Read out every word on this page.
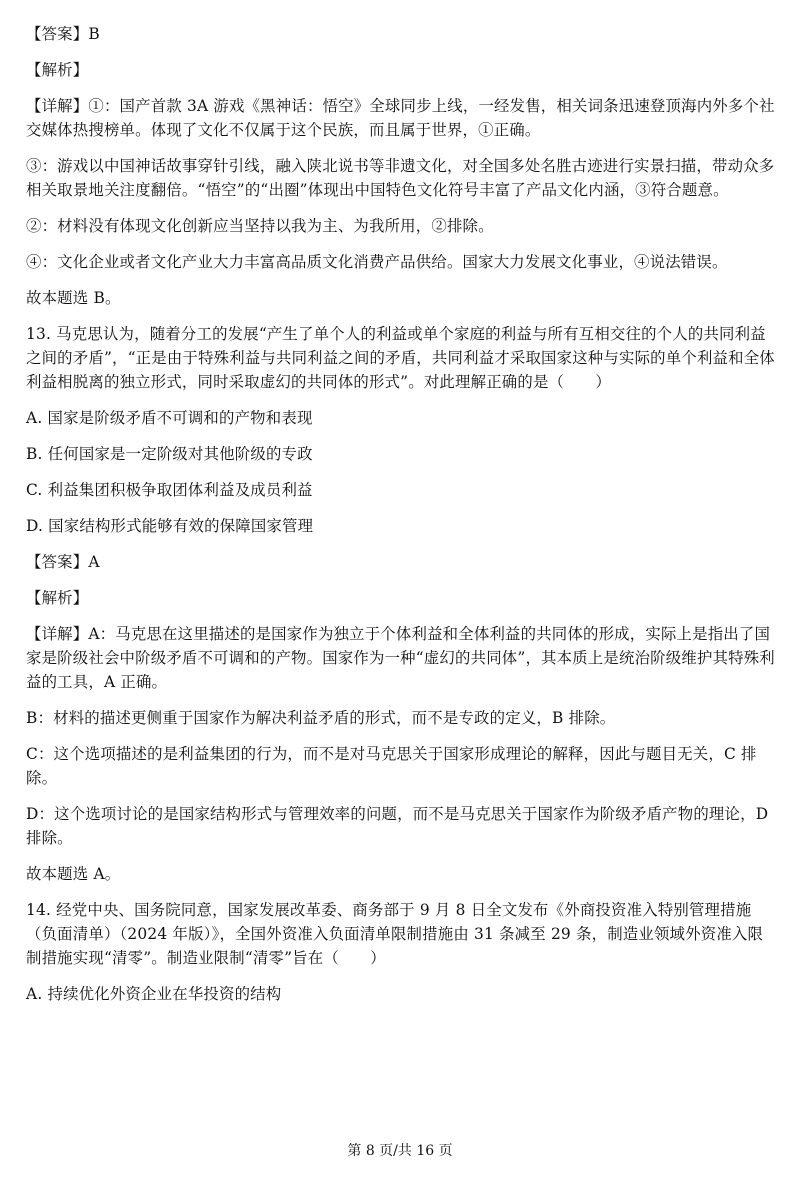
【答案】B

【解析】

【详解】①：国产首款 3A 游戏《黑神话：悟空》全球同步上线，一经发售，相关词条迅速登顶海内外多个社交媒体热搜榜单。体现了文化不仅属于这个民族，而且属于世界，①正确。

③：游戏以中国神话故事穿针引线，融入陕北说书等非遗文化，对全国多处名胜古迹进行实景扫描，带动众多相关取景地关注度翻倍。“悟空”的“出圈”体现出中国特色文化符号丰富了产品文化内涵，③符合题意。

②：材料没有体现文化创新应当坚持以我为主、为我所用，②排除。

④：文化企业或者文化产业大力丰富高品质文化消费产品供给。国家大力发展文化事业，④说法错误。

故本题选 B。

13. 马克思认为，随着分工的发展“产生了单个人的利益或单个家庭的利益与所有互相交往的个人的共同利益之间的矛盾”，“正是由于特殊利益与共同利益之间的矛盾，共同利益才采取国家这种与实际的单个利益和全体利益相脱离的独立形式，同时采取虚幻的共同体的形式”。对此理解正确的是（　　）

A. 国家是阶级矛盾不可调和的产物和表现

B. 任何国家是一定阶级对其他阶级的专政

C. 利益集团积极争取团体利益及成员利益

D. 国家结构形式能够有效的保障国家管理

【答案】A

【解析】

【详解】A：马克思在这里描述的是国家作为独立于个体利益和全体利益的共同体的形成，实际上是指出了国家是阶级社会中阶级矛盾不可调和的产物。国家作为一种“虚幻的共同体”，其本质上是统治阶级维护其特殊利益的工具，A 正确。

B：材料的描述更侧重于国家作为解决利益矛盾的形式，而不是专政的定义，B 排除。

C：这个选项描述的是利益集团的行为，而不是对马克思关于国家形成理论的解释，因此与题目无关，C 排除。

D：这个选项讨论的是国家结构形式与管理效率的问题，而不是马克思关于国家作为阶级矛盾产物的理论，D 排除。

故本题选 A。

14. 经党中央、国务院同意，国家发展改革委、商务部于 9 月 8 日全文发布《外商投资准入特别管理措施（负面清单）（2024 年版）》，全国外资准入负面清单限制措施由 31 条减至 29 条，制造业领域外资准入限制措施实现“清零”。制造业限制“清零”旨在（　　）

A. 持续优化外资企业在华投资的结构

第 8 页/共 16 页
